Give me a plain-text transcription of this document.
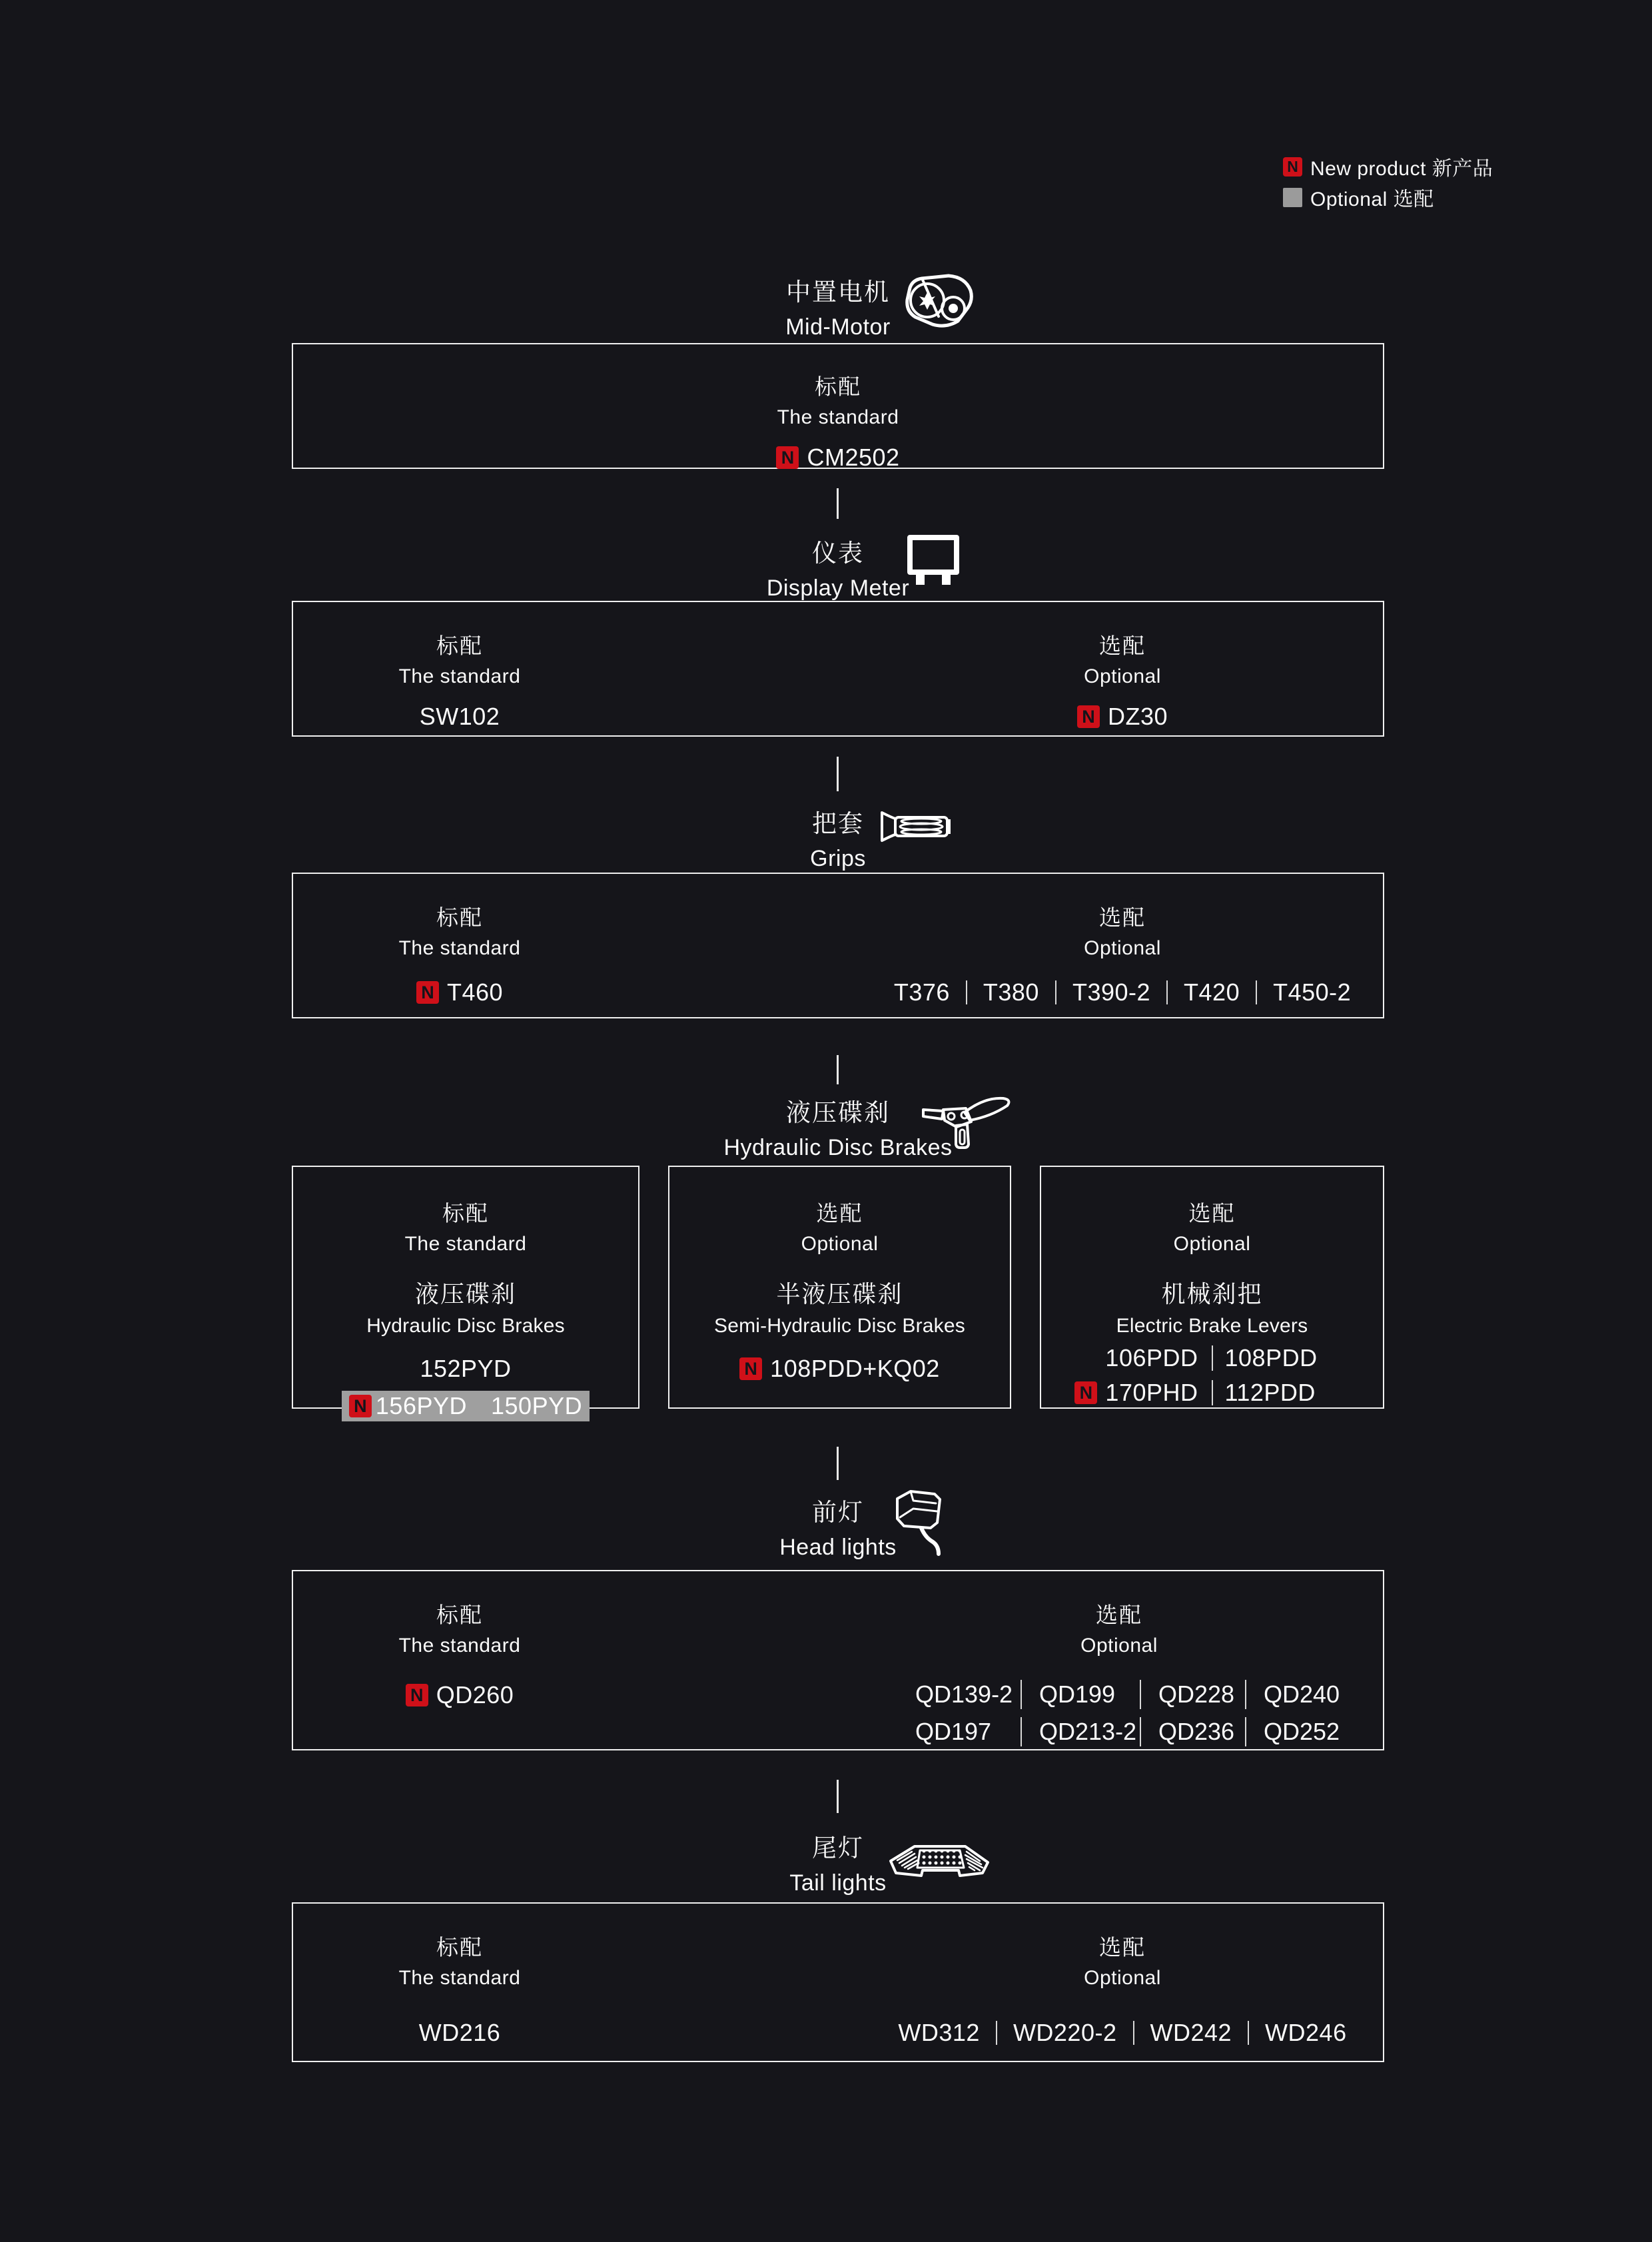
N New product 新产品
Optional 选配
中置电机
Mid-Motor
标配
The standard
N CM2502
仪表
Display Meter
标配
The standard
SW102
选配
Optional
N DZ30
把套
Grips
标配
The standard
N T460
选配
Optional
T376 T380 T390-2 T420 T450-2
液压碟刹
Hydraulic Disc Brakes
标配
The standard
液压碟刹
Hydraulic Disc Brakes
152PYD
N 156PYD 150PYD
选配
Optional
半液压碟刹
Semi-Hydraulic Disc Brakes
N 108PDD+KQ02
选配
Optional
机械刹把
Electric Brake Levers
106PDD 108PDD
N 170PHD 112PDD
前灯
Head lights
标配
The standard
N QD260
选配
Optional
QD139-2	QD199	QD228	QD240
QD197	QD213-2 QD236	QD252
尾灯
Tail lights
标配
The standard
WD216
选配
Optional
WD312 WD220-2 WD242 WD246
